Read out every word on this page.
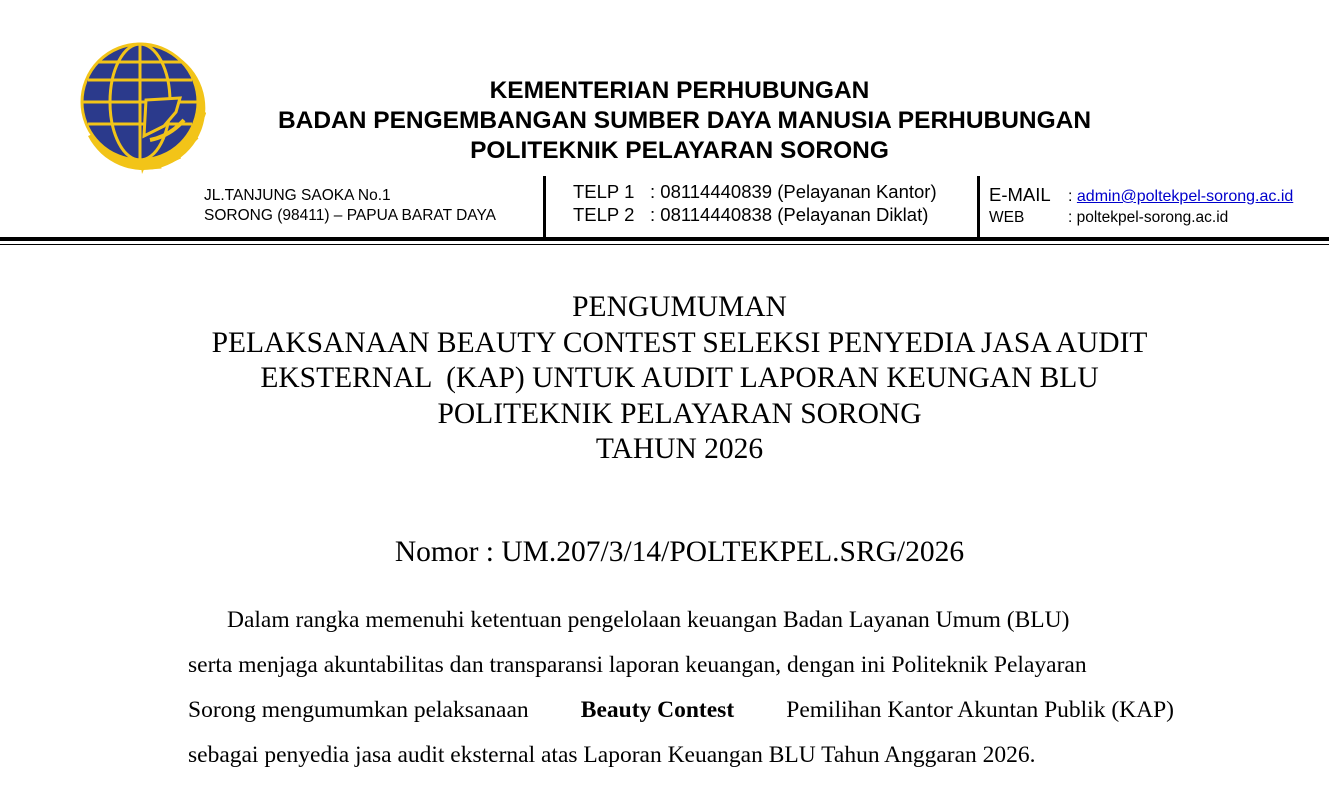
KEMENTERIAN PERHUBUNGAN
BADAN PENGEMBANGAN SUMBER DAYA MANUSIA PERHUBUNGAN
POLITEKNIK PELAYARAN SORONG
JL.TANJUNG SAOKA No.1
SORONG (98411) – PAPUA BARAT DAYA
TELP 1 : 08114440839 (Pelayanan Kantor)
TELP 2 : 08114440838 (Pelayanan Diklat)
E-MAIL	:
admin@poltekpel-sorong.ac.id
WEB	: poltekpel-sorong.ac.id
PENGUMUMAN
PELAKSANAAN BEAUTY CONTEST SELEKSI PENYEDIA JASA AUDIT
EKSTERNAL  (KAP) UNTUK AUDIT LAPORAN KEUNGAN BLU
POLITEKNIK PELAYARAN SORONG
TAHUN 2026
Nomor : UM.207/3/14/POLTEKPEL.SRG/2026
Dalam rangka memenuhi ketentuan pengelolaan keuangan Badan Layanan Umum (BLU)
serta menjaga akuntabilitas dan transparansi laporan keuangan, dengan ini Politeknik Pelayaran
Sorong mengumumkan pelaksanaan Beauty Contest Pemilihan Kantor Akuntan Publik (KAP)
sebagai penyedia jasa audit eksternal atas Laporan Keuangan BLU Tahun Anggaran 2026.
